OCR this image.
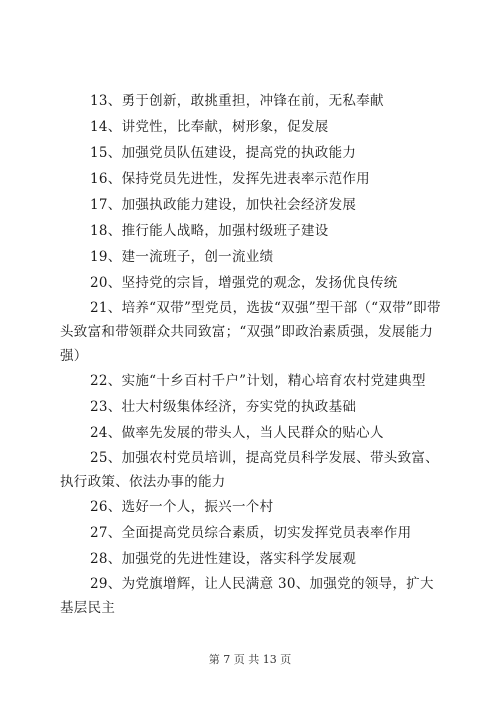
13、勇于创新，敢挑重担，冲锋在前，无私奉献

14、讲党性，比奉献，树形象，促发展

15、加强党员队伍建设，提高党的执政能力

16、保持党员先进性，发挥先进表率示范作用

17、加强执政能力建设，加快社会经济发展

18、推行能人战略，加强村级班子建设

19、建一流班子，创一流业绩

20、坚持党的宗旨，增强党的观念，发扬优良传统

21、培养“双带”型党员，选拔“双强”型干部（“双带”即带头致富和带领群众共同致富；“双强”即政治素质强，发展能力强）

22、实施“十乡百村千户”计划，精心培育农村党建典型

23、壮大村级集体经济，夯实党的执政基础

24、做率先发展的带头人，当人民群众的贴心人

25、加强农村党员培训，提高党员科学发展、带头致富、执行政策、依法办事的能力

26、选好一个人，振兴一个村

27、全面提高党员综合素质，切实发挥党员表率作用

28、加强党的先进性建设，落实科学发展观

29、为党旗增辉，让人民满意 30、加强党的领导，扩大基层民主

第 7 页 共 13 页
